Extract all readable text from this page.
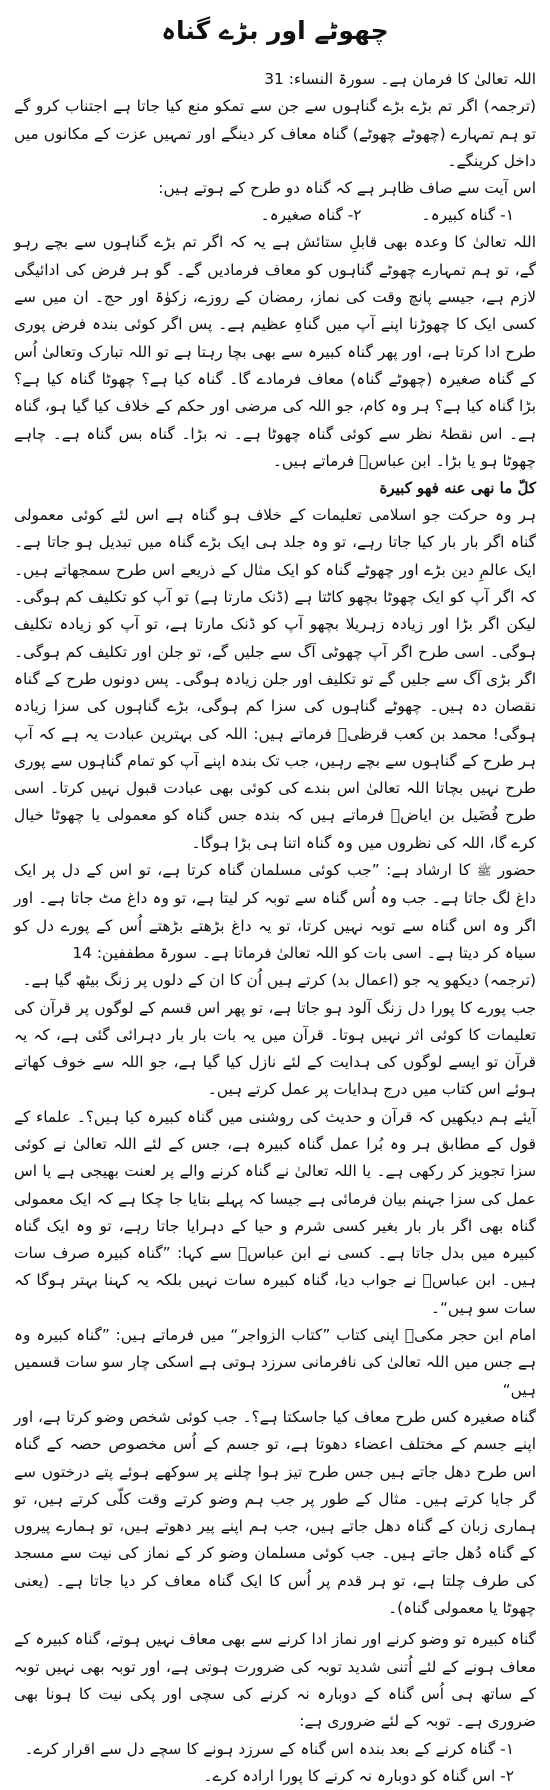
چھوٹے اور بڑے گناہ

اللہ تعالیٰ کا فرمان ہے۔ سورۃ النساء: 31

(ترجمہ) اگر تم بڑے بڑے گناہوں سے جن سے تمکو منع کیا جاتا ہے اجتناب کرو گے تو ہم تمہارے (چھوٹے چھوٹے) گناہ معاف کر دینگے اور تمہیں عزت کے مکانوں میں داخل کرینگے۔

اس آیت سے صاف ظاہر ہے کہ گناہ دو طرح کے ہوتے ہیں:

۱- گناہ کبیرہ۔
۲- گناہ صغیرہ۔

اللہ تعالیٰ کا وعدہ بھی قابلِ ستائش ہے یہ کہ اگر تم بڑے گناہوں سے بچے رہو گے، تو ہم تمہارے چھوٹے گناہوں کو معاف فرمادیں گے۔ گو ہر فرض کی ادائیگی لازم ہے، جیسے پانچ وقت کی نماز، رمضان کے روزے، زکوٰۃ اور حج۔ ان میں سے کسی ایک کا چھوڑنا اپنے آپ میں گناہِ عظیم ہے۔ پس اگر کوئی بندہ فرض پوری طرح ادا کرتا ہے، اور پھر گناہ کبیرہ سے بھی بچا رہتا ہے تو اللہ تبارک وتعالیٰ اُس کے گناہ صغیرہ (چھوٹے گناہ) معاف فرمادے گا۔ گناہ کیا ہے؟ چھوٹا گناہ کیا ہے؟ بڑا گناہ کیا ہے؟ ہر وہ کام، جو اللہ کی مرضی اور حکم کے خلاف کیا گیا ہو، گناہ ہے۔ اس نقطۂ نظر سے کوئی گناہ چھوٹا ہے۔ نہ بڑا۔ گناہ بس گناہ ہے۔ چاہے چھوٹا ہو یا بڑا۔ ابن عباسؓ فرماتے ہیں۔

کلّ ما نهی عنه فهو کبیرة

ہر وہ حرکت جو اسلامی تعلیمات کے خلاف ہو گناہ ہے اس لئے کوئی معمولی گناہ اگر بار بار کیا جاتا رہے، تو وہ جلد ہی ایک بڑے گناہ میں تبدیل ہو جاتا ہے۔ ایک عالمِ دین بڑے اور چھوٹے گناہ کو ایک مثال کے ذریعے اس طرح سمجھاتے ہیں۔ کہ اگر آپ کو ایک چھوٹا بچھو کاٹتا ہے (ڈنک مارتا ہے) تو آپ کو تکلیف کم ہوگی۔ لیکن اگر بڑا اور زیادہ زہریلا بچھو آپ کو ڈنک مارتا ہے، تو آپ کو زیادہ تکلیف ہوگی۔ اسی طرح اگر آپ چھوٹی آگ سے جلیں گے، تو جلن اور تکلیف کم ہوگی۔ اگر بڑی آگ سے جلیں گے تو تکلیف اور جلن زیادہ ہوگی۔ پس دونوں طرح کے گناہ نقصان دہ ہیں۔ چھوٹے گناہوں کی سزا کم ہوگی، بڑے گناہوں کی سزا زیادہ ہوگی! محمد بن کعب قرظیؒ فرماتے ہیں: اللہ کی بہترین عبادت یہ ہے کہ آپ ہر طرح کے گناہوں سے بچے رہیں، جب تک بندہ اپنے آپ کو تمام گناہوں سے پوری طرح نہیں بچاتا اللہ تعالیٰ اس بندے کی کوئی بھی عبادت قبول نہیں کرتا۔ اسی طرح فُضَیل بن ایاضؒ فرماتے ہیں کہ بندہ جس گناہ کو معمولی یا چھوٹا خیال کرے گا، اللہ کی نظروں میں وہ گناہ اتنا ہی بڑا ہوگا۔

حضور ﷺ کا ارشاد ہے: ”جب کوئی مسلمان گناہ کرتا ہے، تو اس کے دل پر ایک داغ لگ جاتا ہے۔ جب وہ اُس گناہ سے توبہ کر لیتا ہے، تو وہ داغ مٹ جاتا ہے۔ اور اگر وہ اس گناہ سے توبہ نہیں کرتا، تو یہ داغ بڑھتے بڑھتے اُس کے پورے دل کو سیاہ کر دیتا ہے۔ اسی بات کو اللہ تعالیٰ فرماتا ہے۔ سورۃ مطففین: 14

(ترجمہ) دیکھو یہ جو (اعمال بد) کرتے ہیں اُن کا ان کے دلوں پر زنگ بیٹھ گیا ہے۔

جب پورے کا پورا دل زنگ آلود ہو جاتا ہے، تو پھر اس قسم کے لوگوں پر قرآن کی تعلیمات کا کوئی اثر نہیں ہوتا۔ قرآن میں یہ بات بار بار دہرائی گئی ہے، کہ یہ قرآن تو ایسے لوگوں کی ہدایت کے لئے نازل کیا گیا ہے، جو اللہ سے خوف کھاتے ہوئے اس کتاب میں درج ہدایات پر عمل کرتے ہیں۔

آیئے ہم دیکھیں کہ قرآن و حدیث کی روشنی میں گناہ کبیرہ کیا ہیں؟۔ علماء کے قول کے مطابق ہر وہ بُرا عمل گناہ کبیرہ ہے، جس کے لئے اللہ تعالیٰ نے کوئی سزا تجویز کر رکھی ہے۔ یا اللہ تعالیٰ نے گناہ کرنے والے پر لعنت بھیجی ہے یا اس عمل کی سزا جہنم بیان فرمائی ہے جیسا کہ پہلے بتایا جا چکا ہے کہ ایک معمولی گناہ بھی اگر بار بار بغیر کسی شرم و حیا کے دہرایا جاتا رہے، تو وہ ایک گناہ کبیرہ میں بدل جاتا ہے۔ کسی نے ابن عباسؓ سے کہا: ”گناہ کبیرہ صرف سات ہیں۔ ابن عباسؓ نے جواب دیا، گناہ کبیرہ سات نہیں بلکہ یہ کہنا بہتر ہوگا کہ سات سو ہیں“۔

امام ابن حجر مکیؒ اپنی کتاب ”کتاب الزواجر“ میں فرماتے ہیں: ”گناہ کبیرہ وہ ہے جس میں اللہ تعالیٰ کی نافرمانی سرزد ہوتی ہے اسکی چار سو سات قسمیں ہیں“

گناہ صغیرہ کس طرح معاف کیا جاسکتا ہے؟۔ جب کوئی شخص وضو کرتا ہے، اور اپنے جسم کے مختلف اعضاء دھوتا ہے، تو جسم کے اُس مخصوص حصہ کے گناہ اس طرح دھل جاتے ہیں جس طرح تیز ہوا چلنے پر سوکھے ہوئے پتے درختوں سے گر جایا کرتے ہیں۔ مثال کے طور پر جب ہم وضو کرتے وقت کلّی کرتے ہیں، تو ہماری زبان کے گناہ دھل جاتے ہیں، جب ہم اپنے پیر دھوتے ہیں، تو ہمارے پیروں کے گناہ دُھل جاتے ہیں۔ جب کوئی مسلمان وضو کر کے نماز کی نیت سے مسجد کی طرف چلتا ہے، تو ہر قدم پر اُس کا ایک گناہ معاف کر دیا جاتا ہے۔ (یعنی چھوٹا یا معمولی گناہ)۔

گناہ کبیرہ تو وضو کرنے اور نماز ادا کرنے سے بھی معاف نہیں ہوتے، گناہ کبیرہ کے معاف ہونے کے لئے اُتنی شدید توبہ کی ضرورت ہوتی ہے، اور توبہ بھی نہیں توبہ کے ساتھ ہی اُس گناہ کے دوبارہ نہ کرنے کی سچی اور پکی نیت کا ہونا بھی ضروری ہے۔ توبہ کے لئے ضروری ہے:

۱- گناہ کرنے کے بعد بندہ اس گناہ کے سرزد ہونے کا سچے دل سے اقرار کرے۔

۲- اس گناہ کو دوبارہ نہ کرنے کا پورا ارادہ کرے۔
